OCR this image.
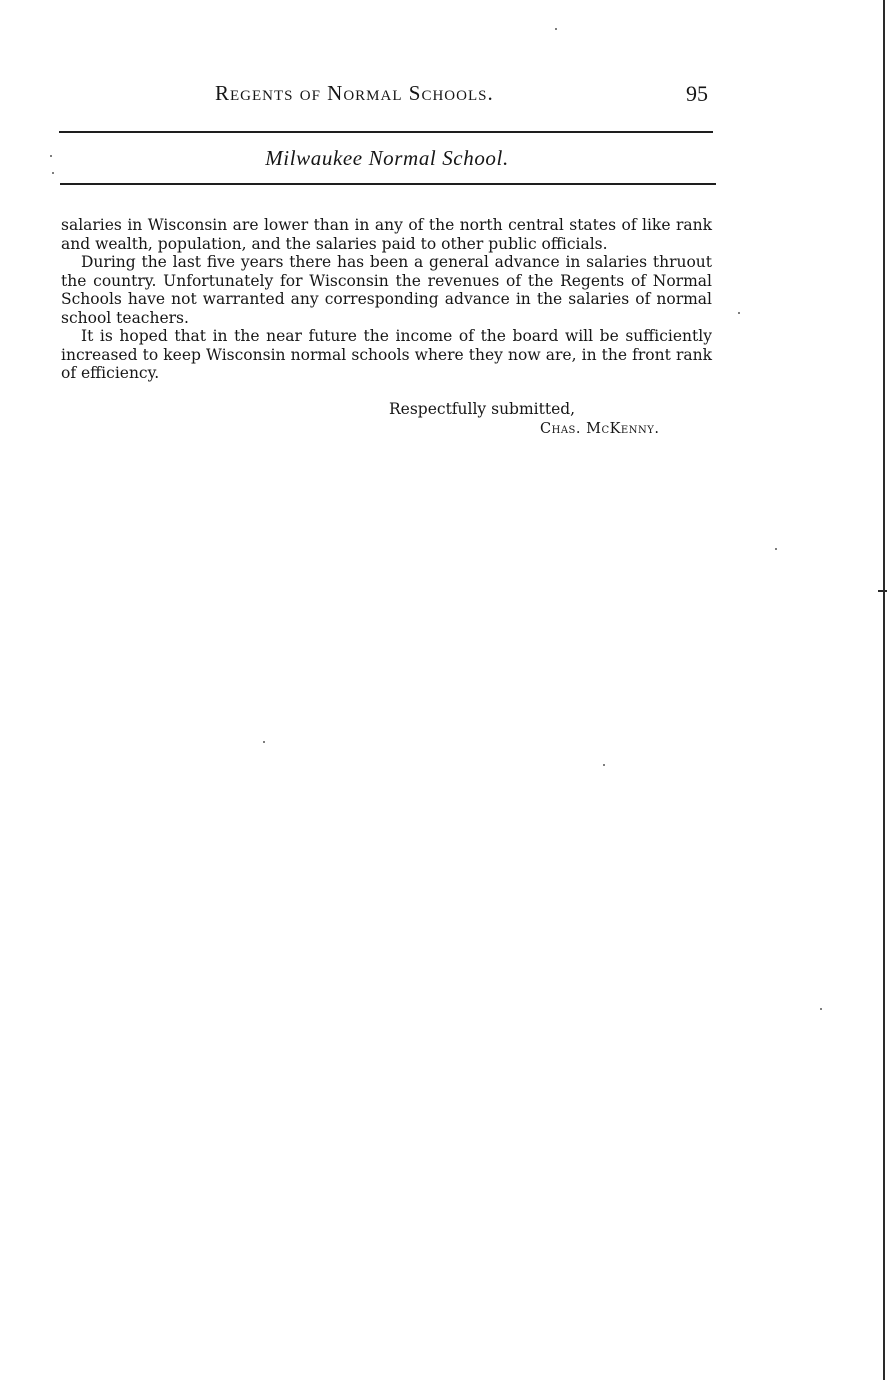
Regents of Normal Schools.	95
Milwaukee Normal School.

salaries in Wisconsin are lower than in any of the north central states of like rank and wealth, population, and the salaries paid to other public officials.

During the last five years there has been a general advance in salaries thruout the country. Unfortunately for Wisconsin the revenues of the Regents of Normal Schools have not warranted any corresponding advance in the salaries of normal school teachers.

It is hoped that in the near future the income of the board will be sufficiently increased to keep Wisconsin normal schools where they now are, in the front rank of efficiency.

Respectfully submitted,
Chas. McKenny.
